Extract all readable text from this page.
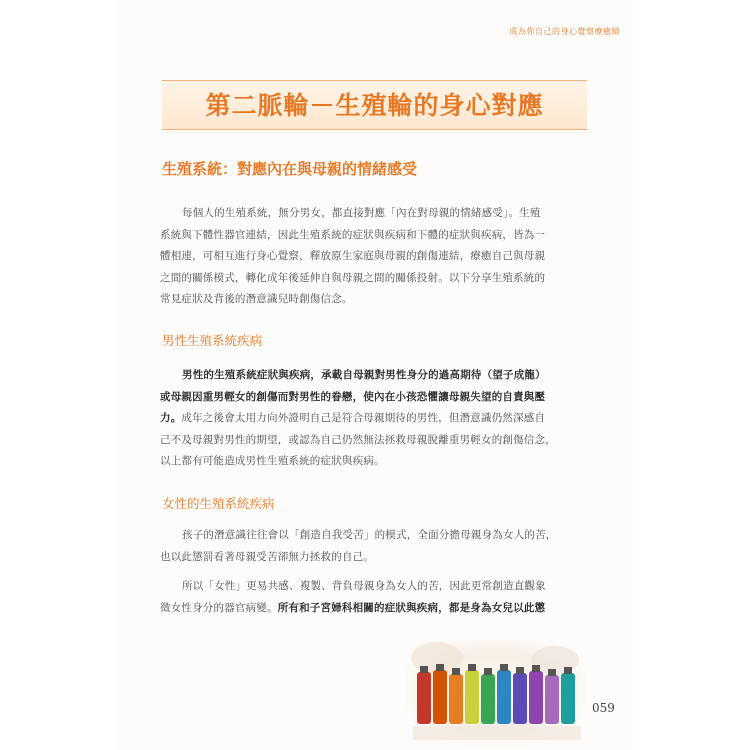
成為你自己的身心覺察療癒師
第二脈輪－生殖輪的身心對應
生殖系統：對應內在與母親的情緒感受
每個人的生殖系統，無分男女，都直接對應「內在對母親的情緒感受」。生殖
系統與下體性器官連結，因此生殖系統的症狀與疾病和下體的症狀與疾病，皆為一
體相連，可相互進行身心覺察，釋放原生家庭與母親的創傷連結，療癒自己與母親
之間的關係模式，轉化成年後延伸自與母親之間的關係投射。以下分享生殖系統的
常見症狀及背後的潛意識兒時創傷信念。
男性生殖系統疾病
男性的生殖系統症狀與疾病，承載自母親對男性身分的過高期待（望子成龍）
或母親因重男輕女的創傷而對男性的眷戀，使內在小孩恐懼讓母親失望的自責與壓
力。成年之後會太用力向外證明自己是符合母親期待的男性，但潛意識仍然深感自
己不及母親對男性的期望，或認為自己仍然無法拯救母親脫離重男輕女的創傷信念，
以上都有可能造成男性生殖系統的症狀與疾病。
女性的生殖系統疾病
孩子的潛意識往往會以「創造自我受苦」的模式，全面分擔母親身為女人的苦，
也以此懲罰看著母親受苦卻無力拯救的自己。
所以「女性」更易共感、複製、背負母親身為女人的苦，因此更常創造直觀象
徵女性身分的器官病變。所有和子宮婦科相關的症狀與疾病，都是身為女兒以此懲
059
